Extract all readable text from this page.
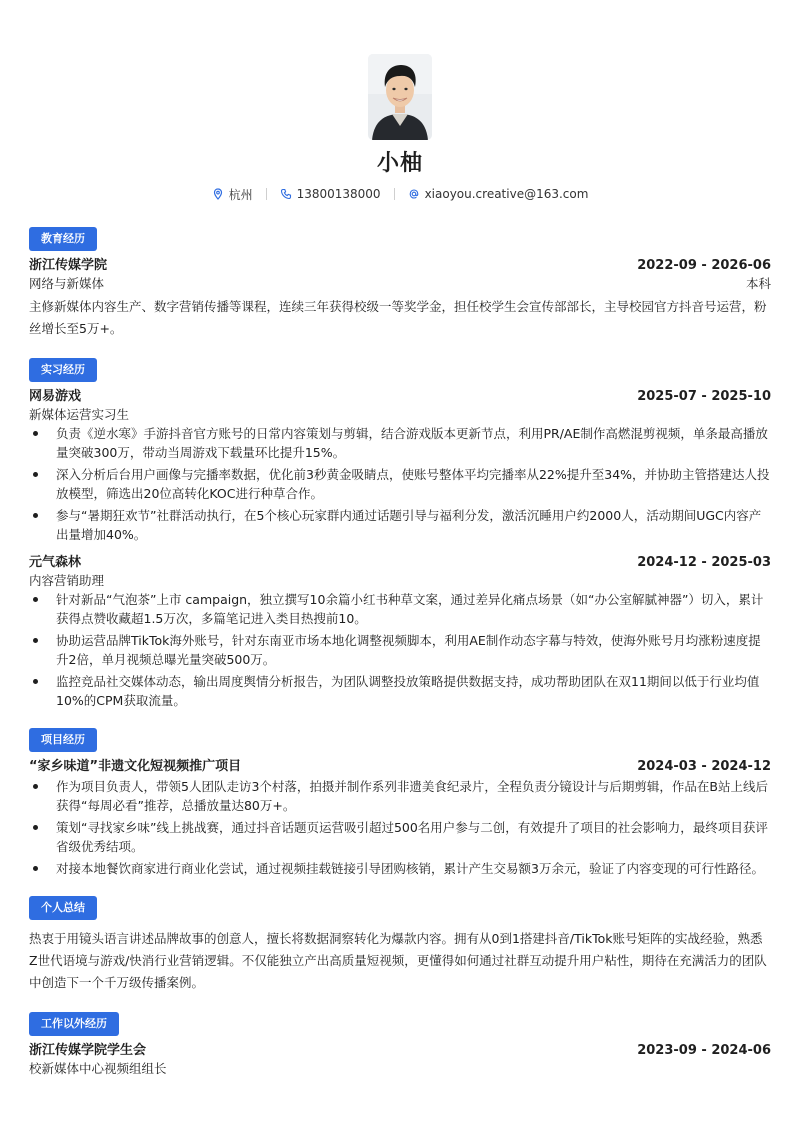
小柚
杭州	13800138000	xiaoyou.creative@163.com
教育经历
浙江传媒学院	2022-09 - 2026-06
网络与新媒体	本科

主修新媒体内容生产、数字营销传播等课程，连续三年获得校级一等奖学金，担任校学生会宣传部部长，主导校园官方抖音号运营，粉丝增长至5万+。

实习经历
网易游戏	2025-07 - 2025-10
新媒体运营实习生
负责《逆水寒》手游抖音官方账号的日常内容策划与剪辑，结合游戏版本更新节点，利用PR/AE制作高燃混剪视频，单条最高播放量突破300万，带动当周游戏下载量环比提升15%。
深入分析后台用户画像与完播率数据，优化前3秒黄金吸睛点，使账号整体平均完播率从22%提升至34%，并协助主管搭建达人投放模型，筛选出20位高转化KOC进行种草合作。
参与“暑期狂欢节”社群活动执行，在5个核心玩家群内通过话题引导与福利分发，激活沉睡用户约2000人，活动期间UGC内容产出量增加40%。
元气森林	2024-12 - 2025-03
内容营销助理
针对新品“气泡茶”上市 campaign，独立撰写10余篇小红书种草文案，通过差异化痛点场景（如“办公室解腻神器”）切入，累计获得点赞收藏超1.5万次，多篇笔记进入类目热搜前10。
协助运营品牌TikTok海外账号，针对东南亚市场本地化调整视频脚本，利用AE制作动态字幕与特效，使海外账号月均涨粉速度提升2倍，单月视频总曝光量突破500万。
监控竞品社交媒体动态，输出周度舆情分析报告，为团队调整投放策略提供数据支持，成功帮助团队在双11期间以低于行业均值10%的CPM获取流量。
项目经历
“家乡味道”非遗文化短视频推广项目	2024-03 - 2024-12
作为项目负责人，带领5人团队走访3个村落，拍摄并制作系列非遗美食纪录片，全程负责分镜设计与后期剪辑，作品在B站上线后获得“每周必看”推荐，总播放量达80万+。
策划“寻找家乡味”线上挑战赛，通过抖音话题页运营吸引超过500名用户参与二创，有效提升了项目的社会影响力，最终项目获评省级优秀结项。
对接本地餐饮商家进行商业化尝试，通过视频挂载链接引导团购核销，累计产生交易额3万余元，验证了内容变现的可行性路径。
个人总结

热衷于用镜头语言讲述品牌故事的创意人，擅长将数据洞察转化为爆款内容。拥有从0到1搭建抖音/TikTok账号矩阵的实战经验，熟悉Z世代语境与游戏/快消行业营销逻辑。不仅能独立产出高质量短视频，更懂得如何通过社群互动提升用户粘性，期待在充满活力的团队中创造下一个千万级传播案例。

工作以外经历
浙江传媒学院学生会	2023-09 - 2024-06
校新媒体中心视频组组长
